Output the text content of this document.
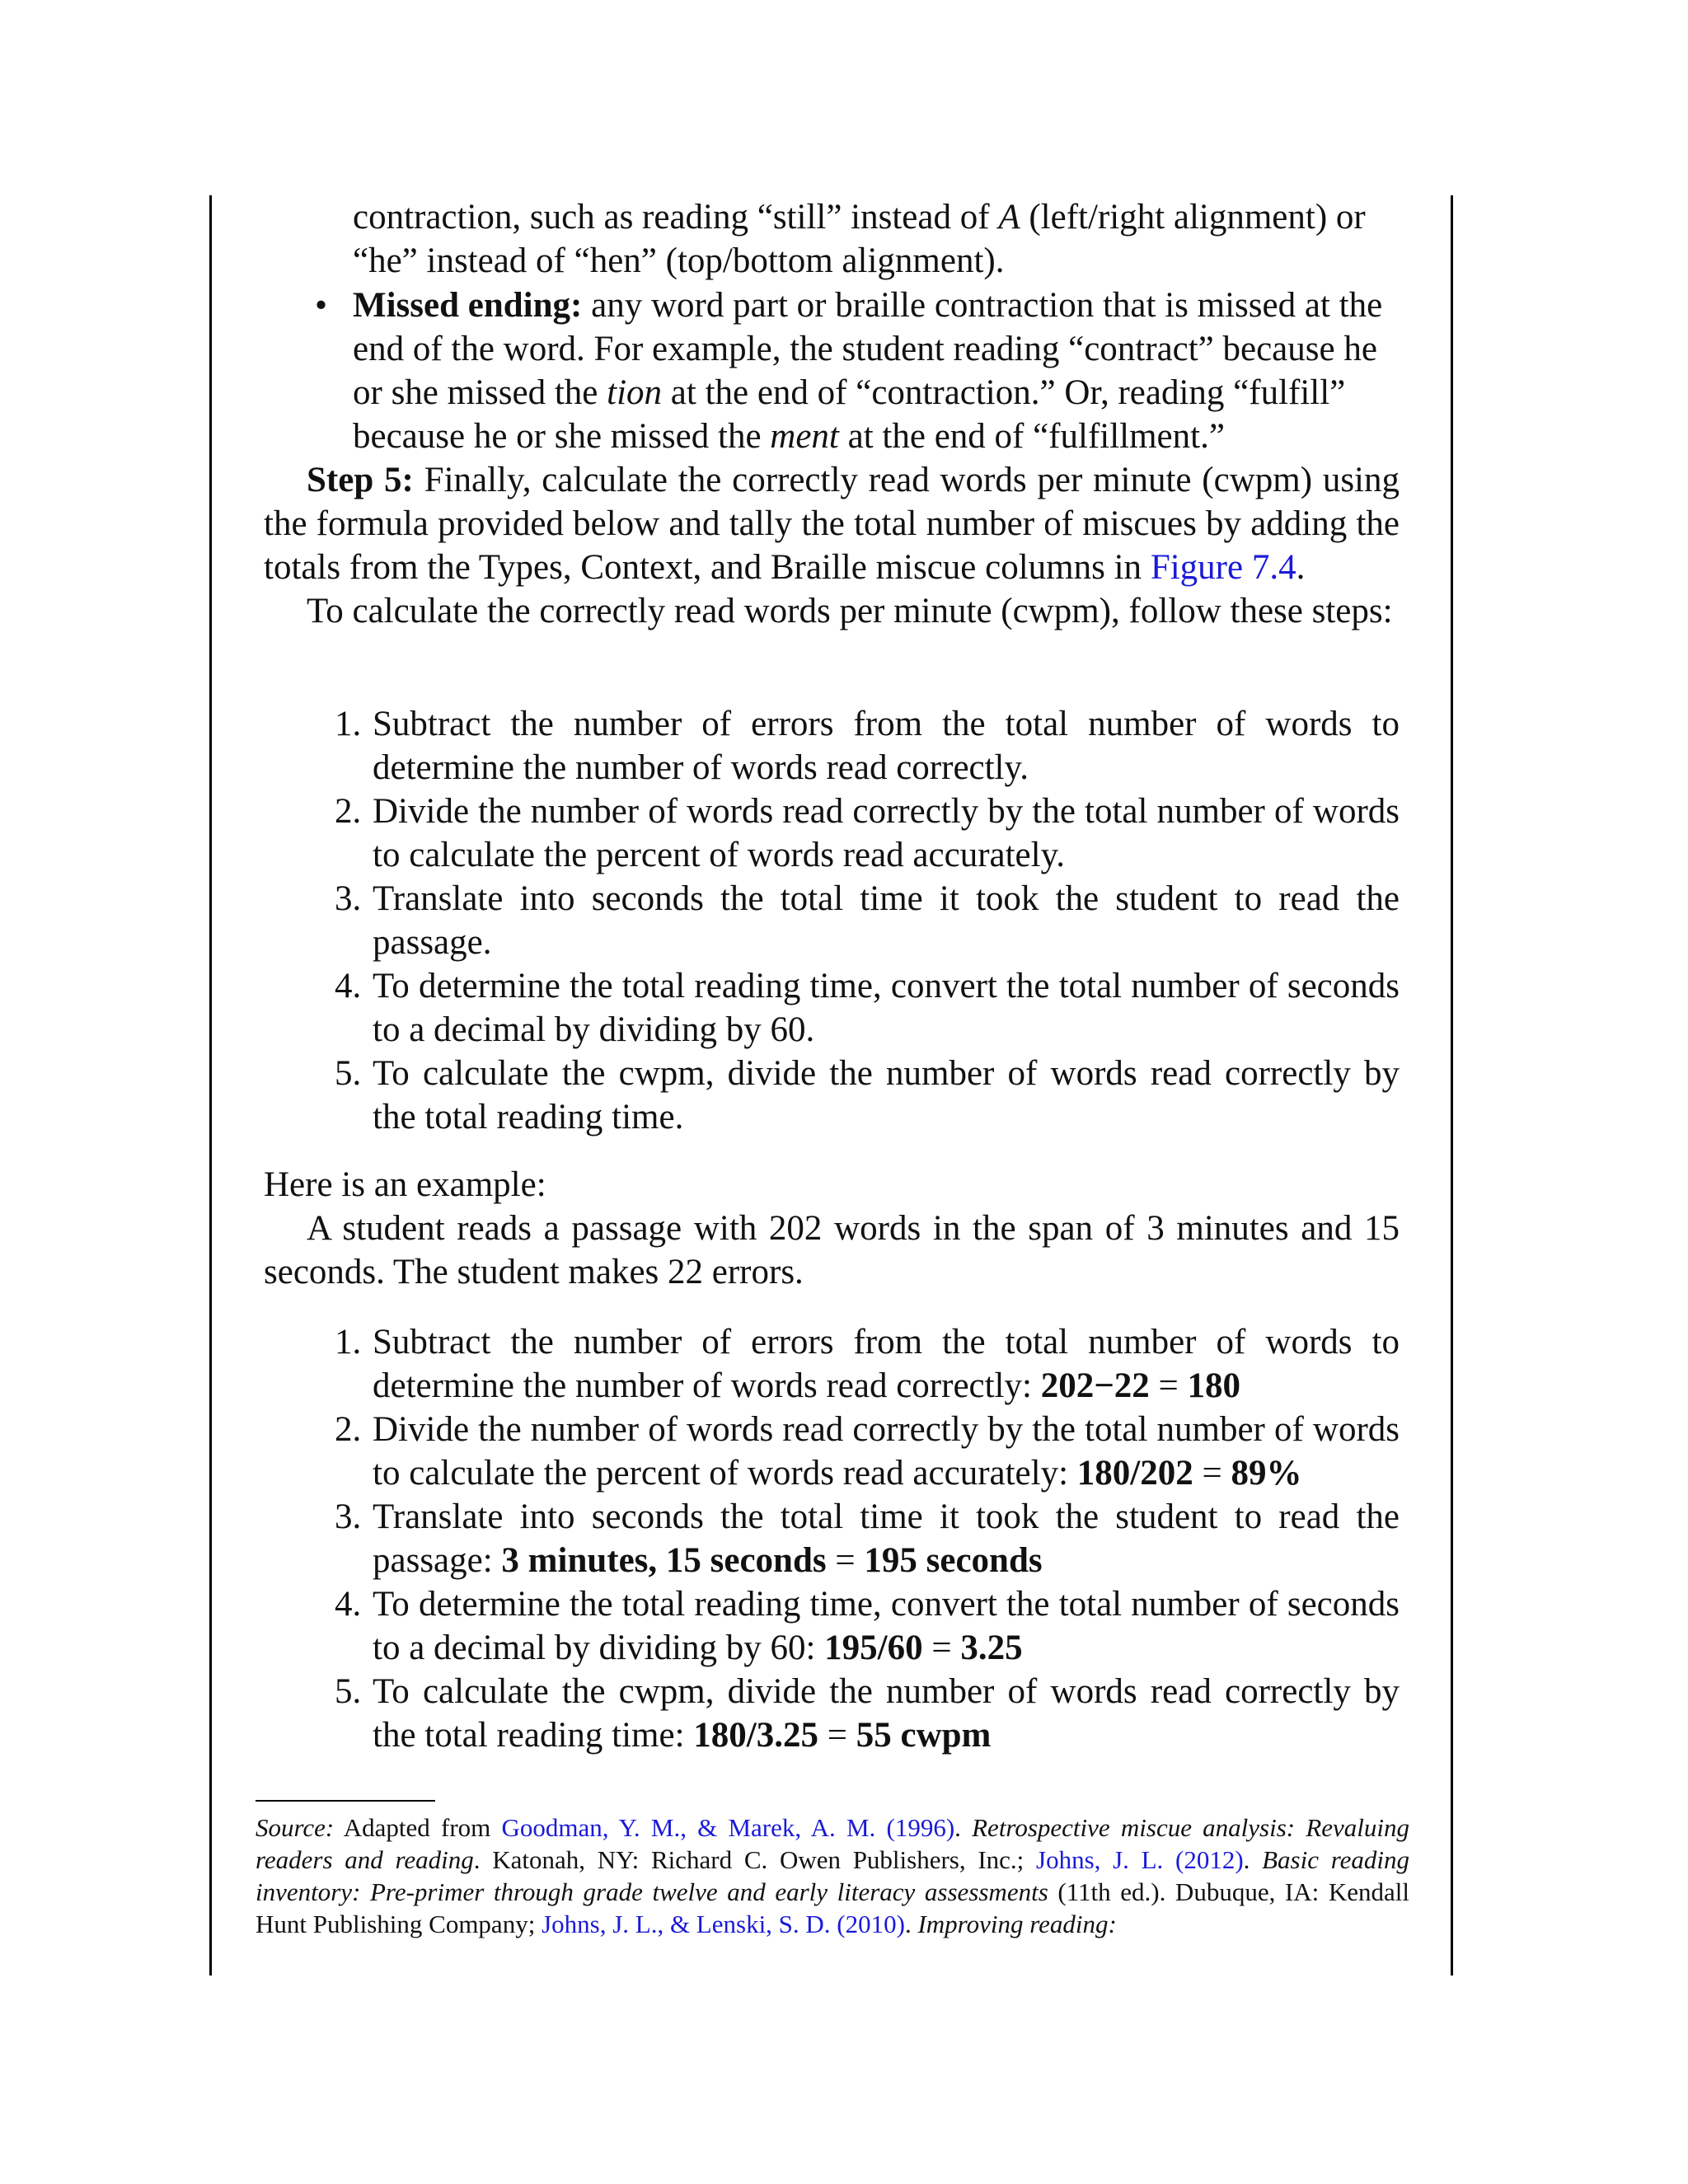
contraction, such as reading “still” instead of A (left/right alignment) or “he” instead of “hen” (top/bottom alignment).
• Missed ending: any word part or braille contraction that is missed at the end of the word. For example, the student reading “contract” because he or she missed the tion at the end of “contraction.” Or, reading “fulfill” because he or she missed the ment at the end of “fulfillment.”
Step 5: Finally, calculate the correctly read words per minute (cwpm) using the formula provided below and tally the total number of miscues by adding the totals from the Types, Context, and Braille miscue columns in Figure 7.4.
To calculate the correctly read words per minute (cwpm), follow these steps:
1. Subtract the number of errors from the total number of words to determine the number of words read correctly.
2. Divide the number of words read correctly by the total number of words to calculate the percent of words read accurately.
3. Translate into seconds the total time it took the student to read the passage.
4. To determine the total reading time, convert the total number of seconds to a decimal by dividing by 60.
5. To calculate the cwpm, divide the number of words read correctly by the total reading time.
Here is an example:
A student reads a passage with 202 words in the span of 3 minutes and 15 seconds. The student makes 22 errors.
1. Subtract the number of errors from the total number of words to determine the number of words read correctly: 202−22 = 180
2. Divide the number of words read correctly by the total number of words to calculate the percent of words read accurately: 180/202 = 89%
3. Translate into seconds the total time it took the student to read the passage: 3 minutes, 15 seconds = 195 seconds
4. To determine the total reading time, convert the total number of seconds to a decimal by dividing by 60: 195/60 = 3.25
5. To calculate the cwpm, divide the number of words read correctly by the total reading time: 180/3.25 = 55 cwpm
Source: Adapted from Goodman, Y. M., & Marek, A. M. (1996). Retrospective miscue analysis: Revaluing readers and reading. Katonah, NY: Richard C. Owen Publishers, Inc.; Johns, J. L. (2012). Basic reading inventory: Pre-primer through grade twelve and early literacy assessments (11th ed.). Dubuque, IA: Kendall Hunt Publishing Company; Johns, J. L., & Lenski, S. D. (2010). Improving reading:
